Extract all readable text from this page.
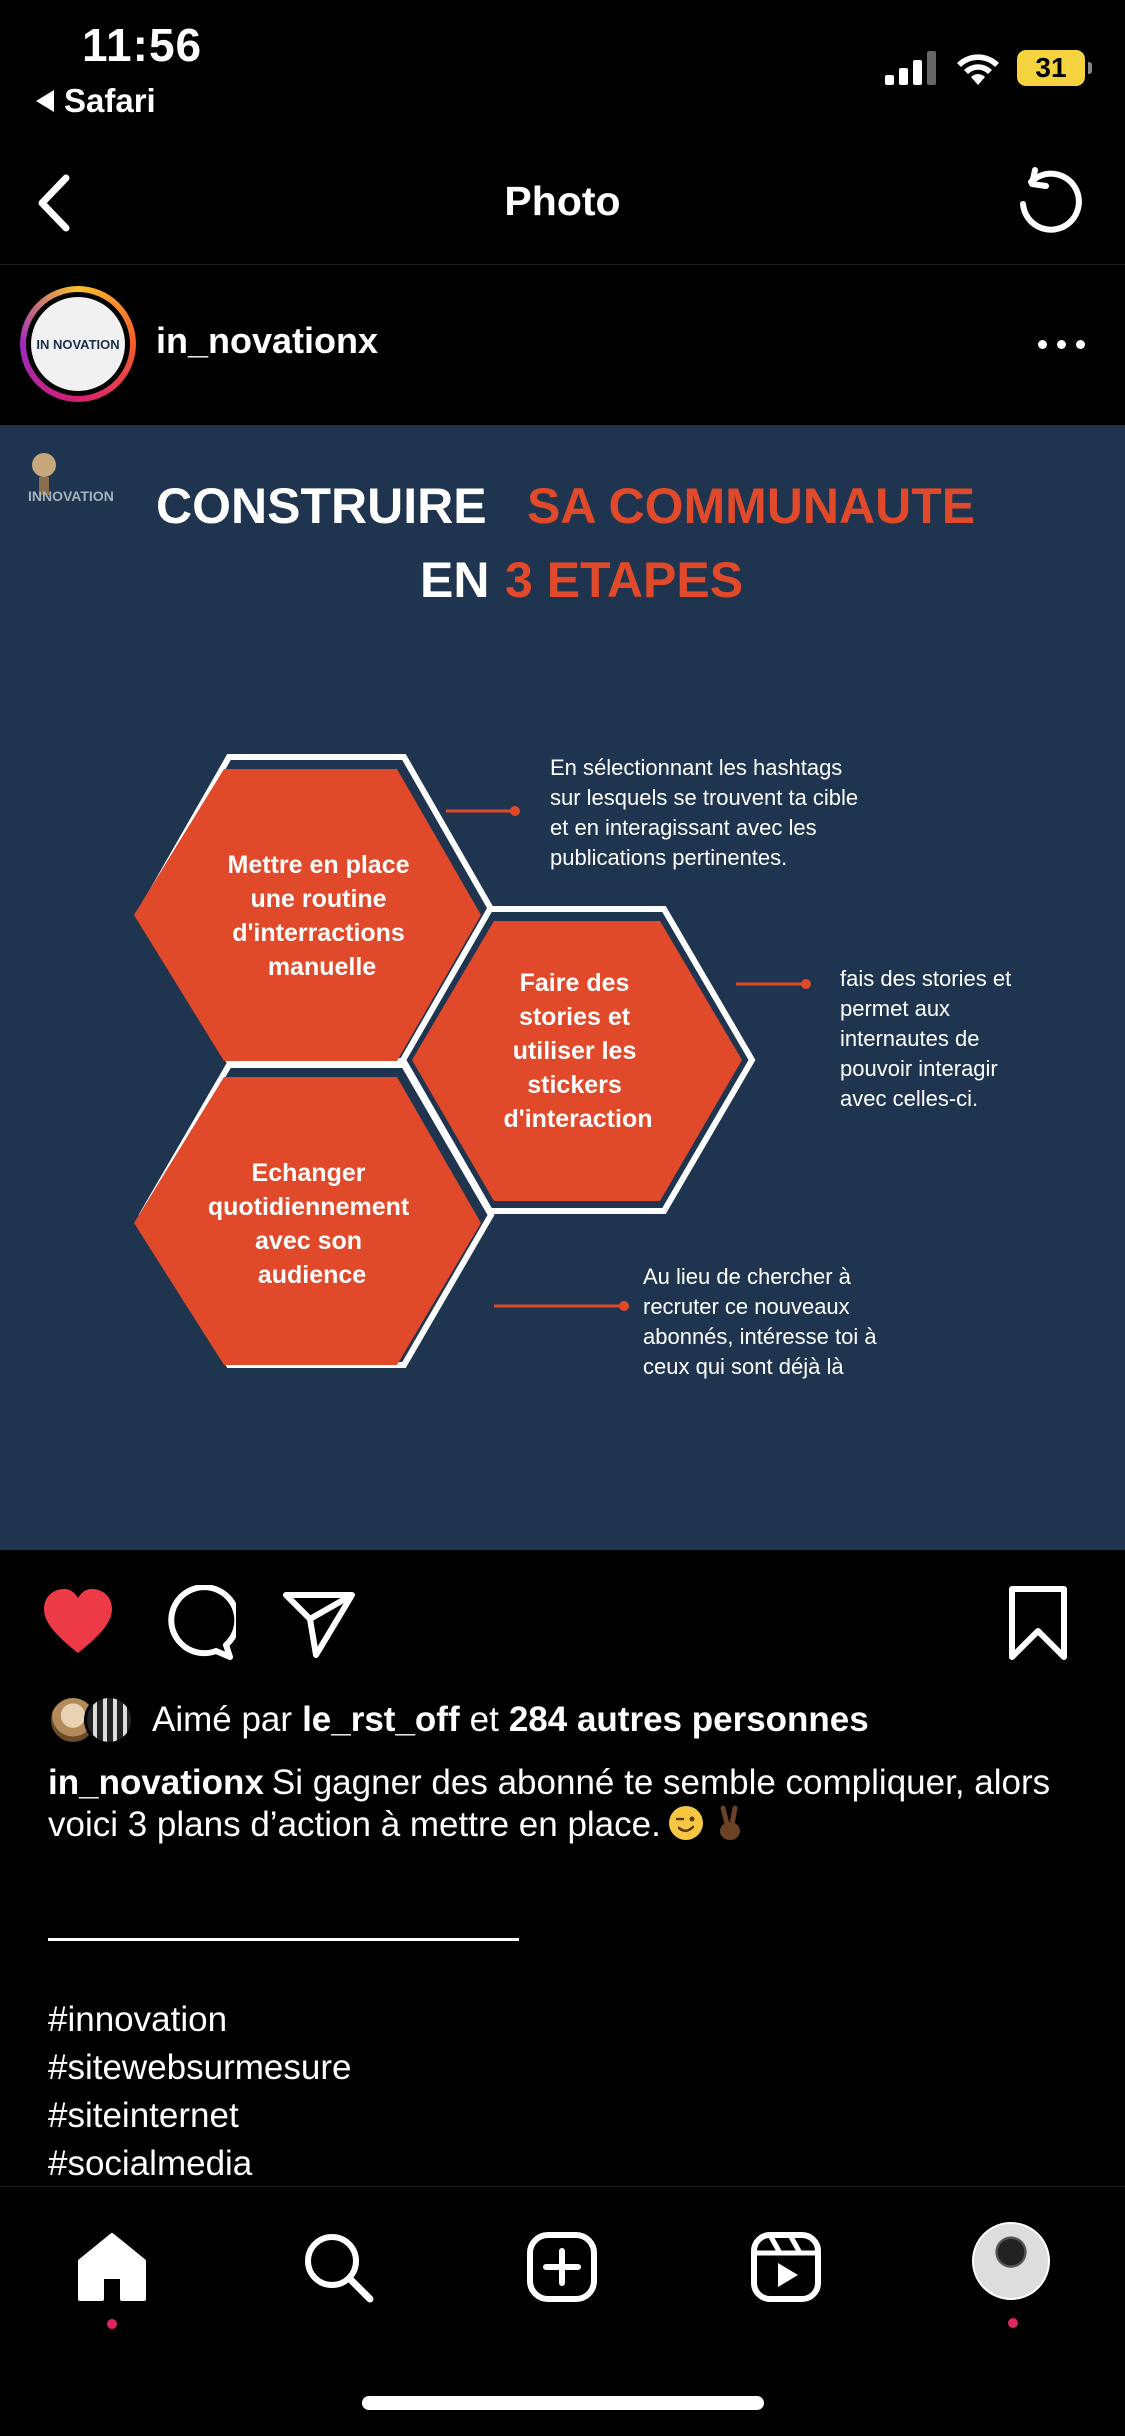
11:56
Safari
31
Photo
IN NOVATION in_novationx
INNOVATION CONSTRUIRE SA COMMUNAUTE
EN 3 ETAPES
Mettre en place une routine d'interractions manuelle
Echanger quotidiennement avec son audience
Faire des stories et utiliser les stickers d'interaction
En sélectionnant les hashtags sur lesquels se trouvent ta cible et en interagissant avec les publications pertinentes.
fais des stories et permet aux internautes de pouvoir interagir avec celles-ci.
Au lieu de chercher à recruter ce nouveaux abonnés, intéresse toi à ceux qui sont déjà là
Aimé par le_rst_off et 284 autres personnes
in_novationx Si gagner des abonné te semble compliquer, alors voici 3 plans d’action à mettre en place.
#innovation
#sitewebsurmesure
#siteinternet
#socialmedia
